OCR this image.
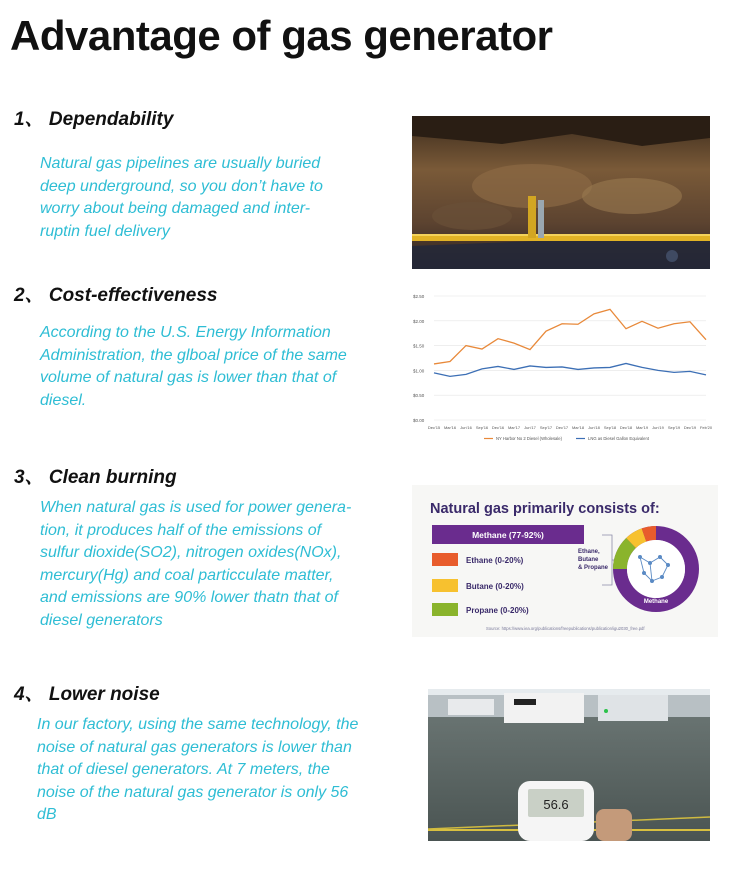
Advantage of gas generator
1、 Dependability

Natural gas pipelines are usually buried deep underground, so you don’t have to worry about being damaged and inter-ruptin fuel delivery

2、 Cost-effectiveness

According to the U.S. Energy Information Administration, the glboal price of the same volume of natural gas is lower than that of diesel.

3、 Clean burning

When natural gas is used for power genera-tion, it produces half of the emissions of sulfur dioxide(SO2), nitrogen oxides(NOx), mercury(Hg) and coal particculate matter, and emissions are 90% lower thatn that of diesel generators

4、 Lower noise

In our factory, using the same technology, the noise of natural gas generators is lower than that of diesel generators. At 7 meters, the noise of the natural gas generator is only 56 dB

$0.00
$0.50
$1.00
$1.50
$2.00
$2.50
Dec'15 Mar'16 Jun'16 Sep'16 Dec'16 Mar'17 Jun'17 Sep'17 Dec'17 Mar'18 Jun'18 Sep'18 Dec'18 Mar'19 Jun'19 Sep'19 Dec'19 Feb'20
NY Harbor No 2 Diesel (Wholesale)	LNG as Diesel Gallon Equivalent
Natural gas primarily consists of:
Methane (77-92%)
Ethane (0-20%)
Butane (0-20%)
Propane (0-20%)
Ethane,
Butane
& Propane
Methane
Source: https://www.iea.org/publications/freepublications/publication/igu2030_free.pdf
56.6
